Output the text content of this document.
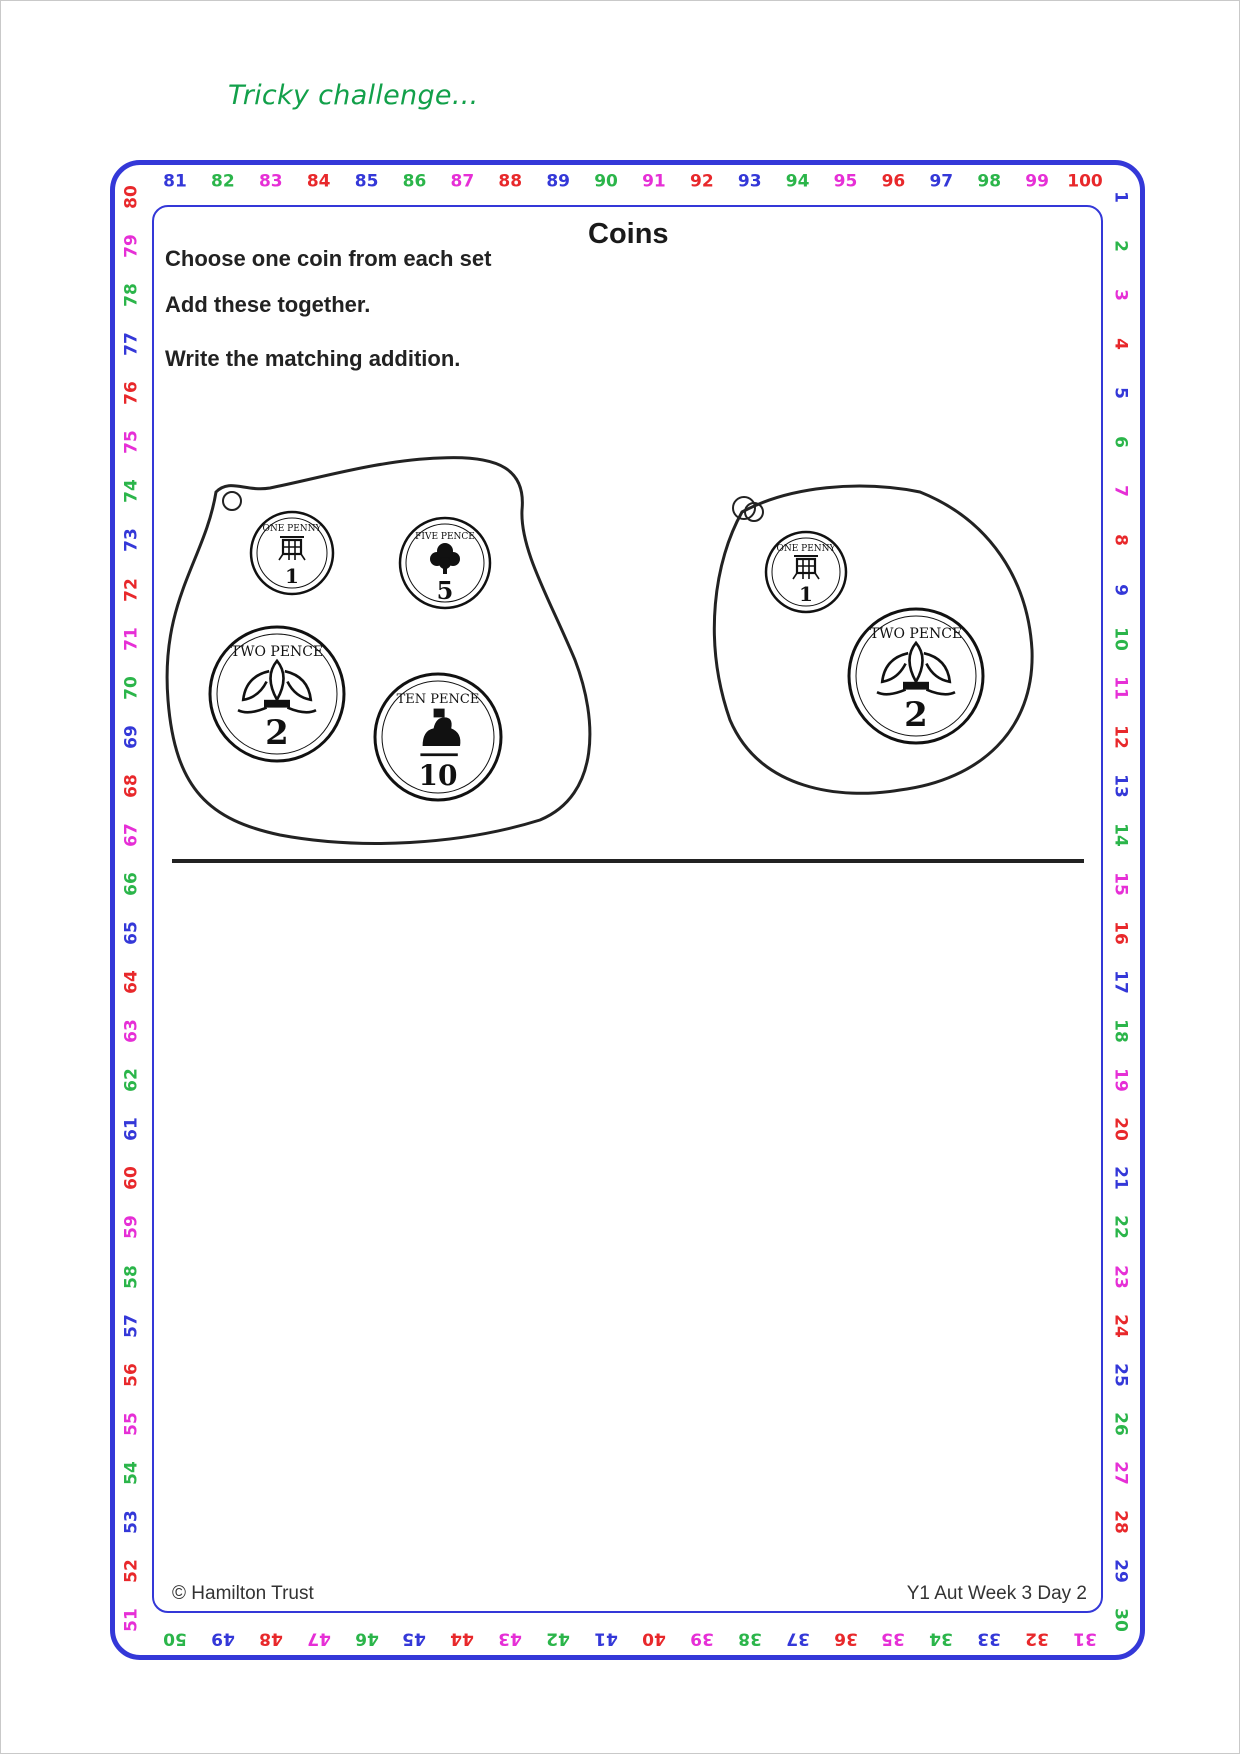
Tricky challenge...
1
2
3
4
5
6
7
8
9
10
11
12
13
14
15
16
17
18
19
20
21
22
23
24
25
26
27
28
29
30
31
32
33
34
35
36
37
38
39
40
41
42
43
44
45
46
47
48
49
50
51
52
53
54
55
56
57
58
59
60
61
62
63
64
65
66
67
68
69
70
71
72
73
74
75
76
77
78
79
80
81 82 83 84 85 86 87 88 89 90 91 92 93 94 95 96 97 98 99 100
Coins
Choose one coin from each set
Add these together.
Write the matching addition.
ONE PENNY
1
FIVE PENCE
5
TWO PENCE
2
TEN PENCE
10
ONE PENNY
1
TWO PENCE
2
© Hamilton Trust	Y1 Aut Week 3 Day 2
